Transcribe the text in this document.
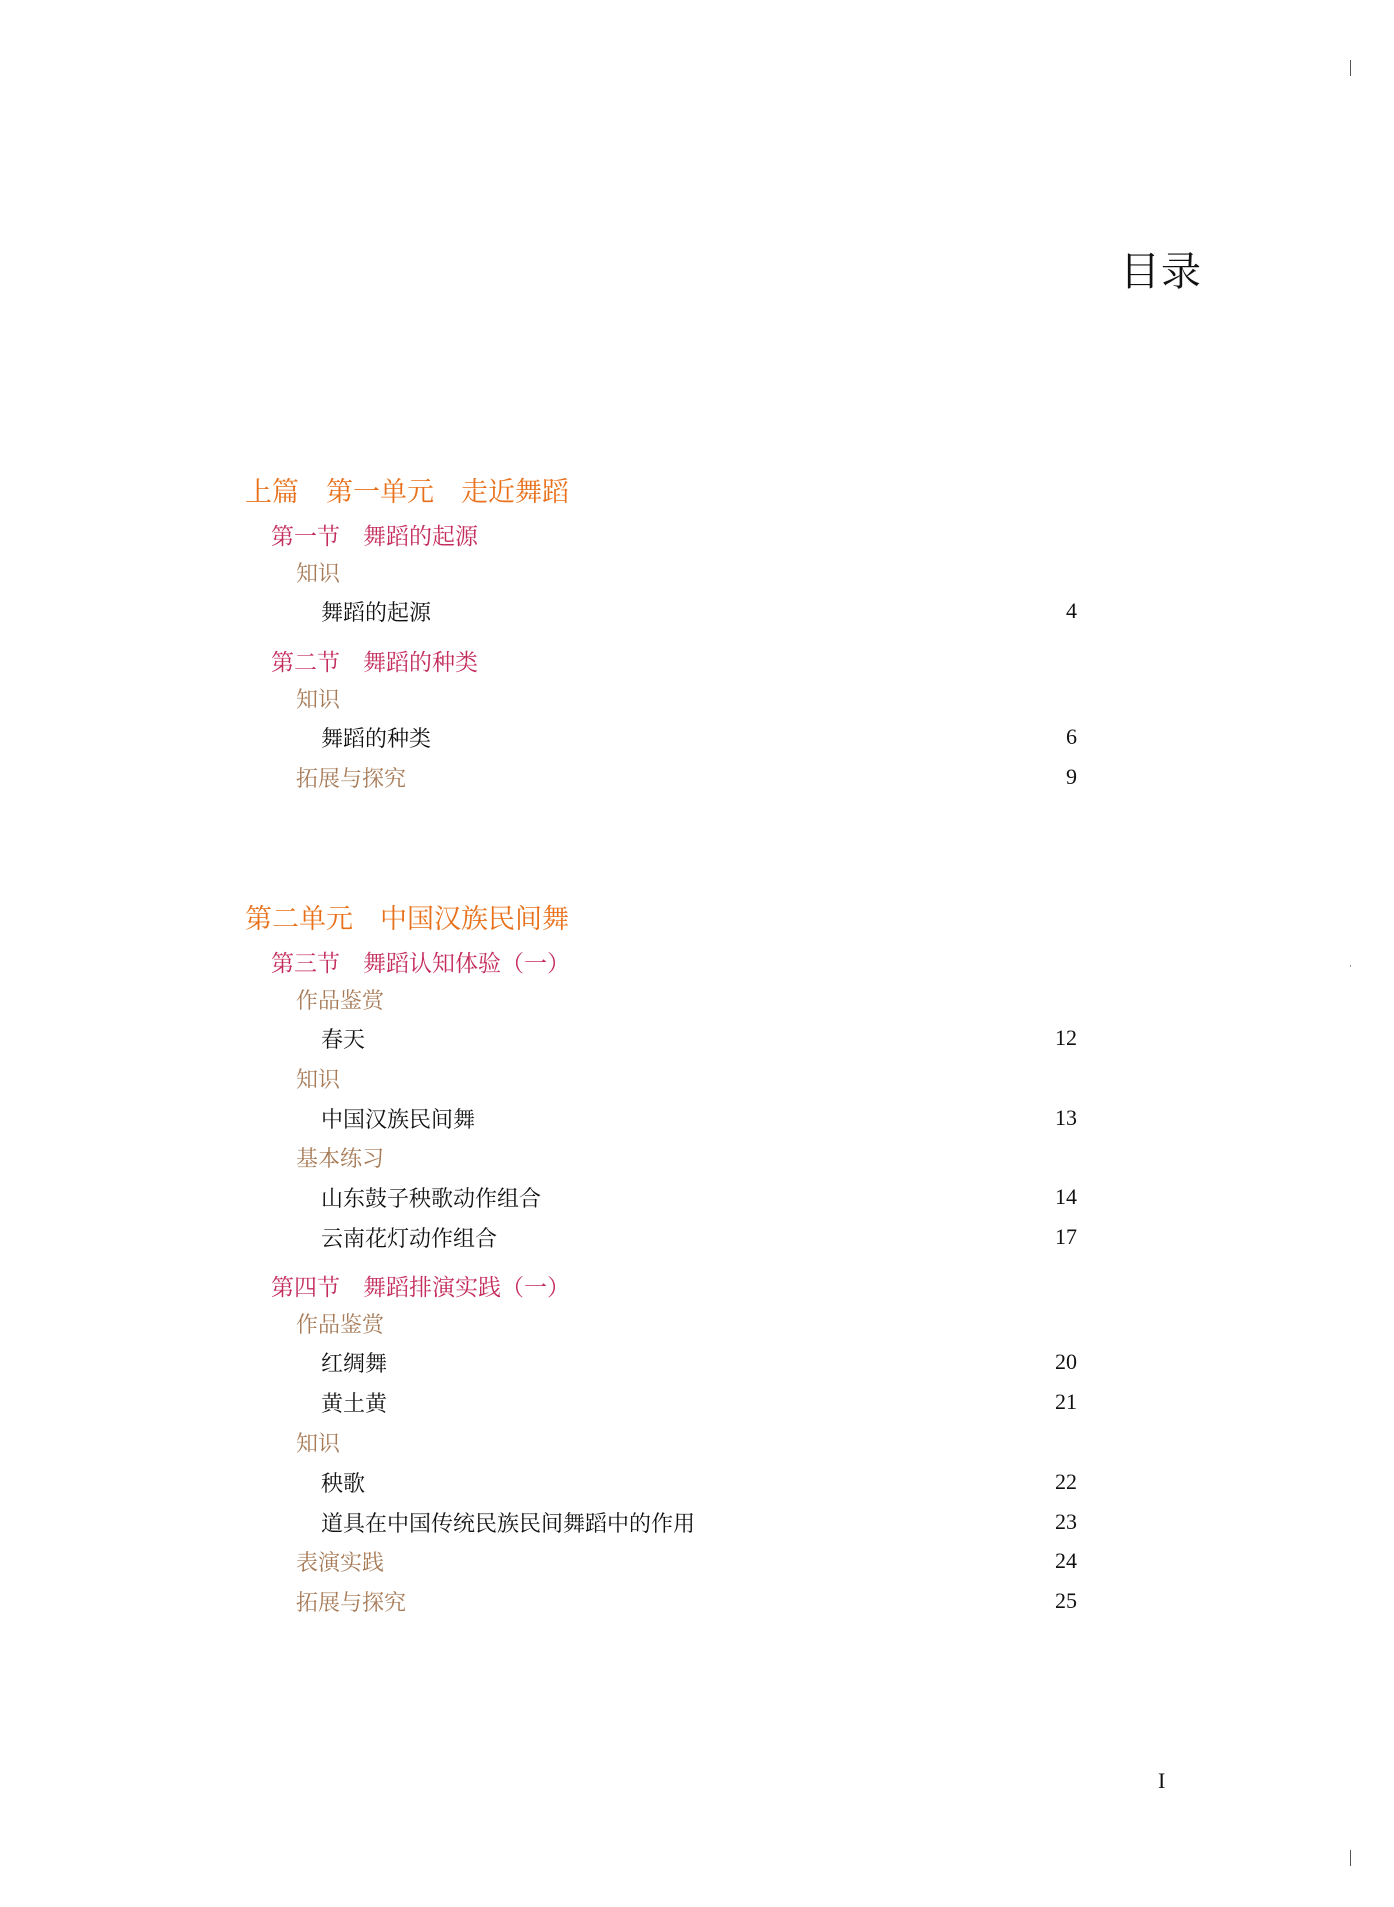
目录
上篇　第一单元　走近舞蹈
第一节　舞蹈的起源
知识
舞蹈的起源	4
第二节　舞蹈的种类
知识
舞蹈的种类	6
拓展与探究	9
第二单元　中国汉族民间舞
第三节　舞蹈认知体验（一）
作品鉴赏
春天	12
知识
中国汉族民间舞	13
基本练习
山东鼓子秧歌动作组合	14
云南花灯动作组合	17
第四节　舞蹈排演实践（一）
作品鉴赏
红绸舞	20
黄土黄	21
知识
秧歌	22
道具在中国传统民族民间舞蹈中的作用	23
表演实践	24
拓展与探究	25
I
